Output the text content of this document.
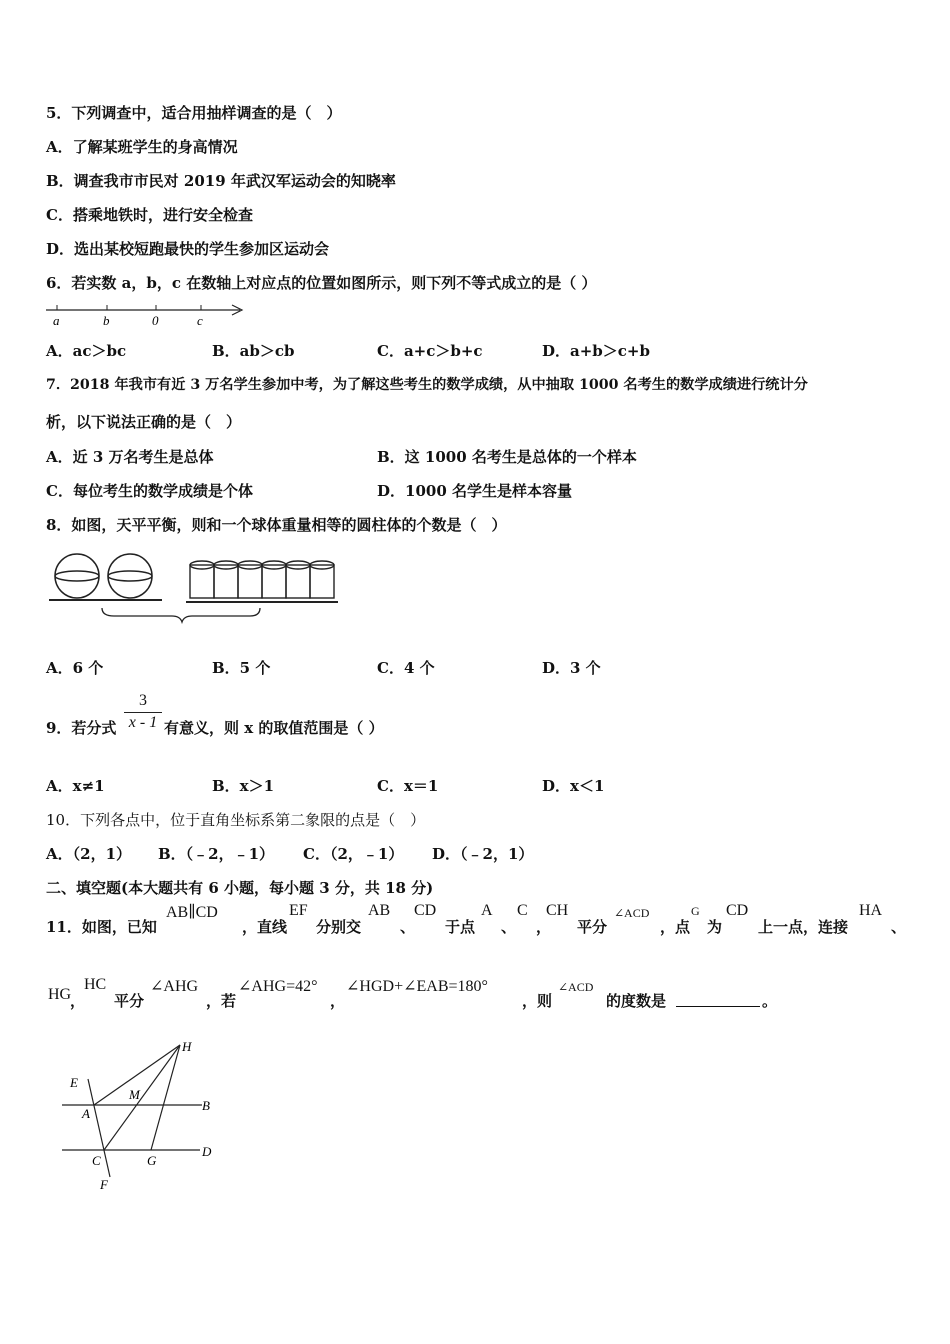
5．下列调查中，适合用抽样调查的是（　）
A．了解某班学生的身高情况
B．调查我市市民对 2019 年武汉军运动会的知晓率
C．搭乘地铁时，进行安全检查
D．选出某校短跑最快的学生参加区运动会
6．若实数 a，b，c 在数轴上对应点的位置如图所示，则下列不等式成立的是（ ）
a	b	0	c
A．ac＞bc	B．ab＞cb	C．a+c＞b+c	D．a+b＞c+b
7．2018 年我市有近 3 万名学生参加中考，为了解这些考生的数学成绩，从中抽取 1000 名考生的数学成绩进行统计分
析，以下说法正确的是（　）
A．近 3 万名考生是总体	B．这 1000 名考生是总体的一个样本
C．每位考生的数学成绩是个体	D．1000 名学生是样本容量
8．如图，天平平衡，则和一个球体重量相等的圆柱体的个数是（　）
A．6 个	B．5 个	C．4 个	D．3 个
9．若分式
3
x - 1 有意义，则 x 的取值范围是（ ）
A．x≠1	B．x＞1	C．x＝1	D．x＜1
10．下列各点中，位于直角坐标系第二象限的点是（　）
A．（2，1） B．（﹣2，﹣1） C．（2，﹣1） D．（﹣2，1）
二、填空题(本大题共有 6 小题，每小题 3 分，共 18 分)
11．如图，已知
AB∥CD
，直线
EF
分别交
AB
、
CD
于点
A
、
C
，
CH
平分
∠ACD
，点
G
为
CD
上一点，连接
HA
、
HG
，
HC
平分
∠AHG
，若
∠AHG=42°
，
∠HGD+∠EAB=180°
，则
∠ACD
的度数是	。
H
E
M
A
B
C	G
D
F
